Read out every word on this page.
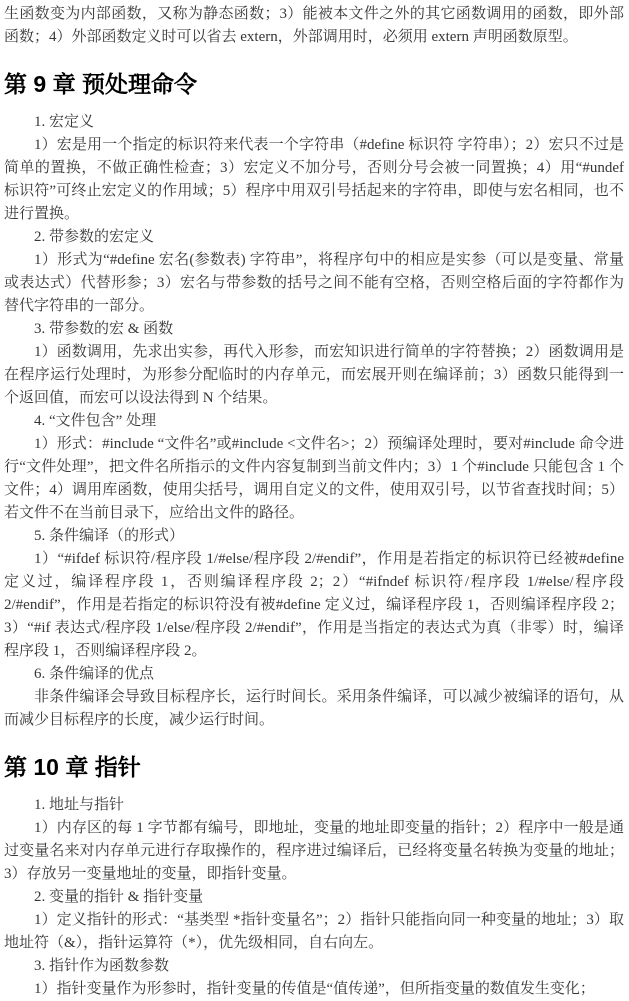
生函数变为内部函数，又称为静态函数；3）能被本文件之外的其它函数调用的函数，即外部函数；4）外部函数定义时可以省去 extern，外部调用时，必须用 extern 声明函数原型。

第 9 章 预处理命令

1. 宏定义

1）宏是用一个指定的标识符来代表一个字符串（#define 标识符 字符串）；2）宏只不过是简单的置换，不做正确性检查；3）宏定义不加分号，否则分号会被一同置换；4）用“#undef 标识符”可终止宏定义的作用域；5）程序中用双引号括起来的字符串，即使与宏名相同，也不进行置换。

2. 带参数的宏定义

1）形式为“#define 宏名(参数表) 字符串”，将程序句中的相应是实参（可以是变量、常量或表达式）代替形参；3）宏名与带参数的括号之间不能有空格，否则空格后面的字符都作为替代字符串的一部分。

3. 带参数的宏 & 函数

1）函数调用，先求出实参，再代入形参，而宏知识进行简单的字符替换；2）函数调用是在程序运行处理时，为形参分配临时的内存单元，而宏展开则在编译前；3）函数只能得到一个返回值，而宏可以设法得到 N 个结果。

4. “文件包含” 处理

1）形式：#include “文件名”或#include <文件名>；2）预编译处理时，要对#include 命令进行“文件处理”，把文件名所指示的文件内容复制到当前文件内；3）1 个#include 只能包含 1 个文件；4）调用库函数，使用尖括号，调用自定义的文件，使用双引号，以节省查找时间；5）若文件不在当前目录下，应给出文件的路径。

5. 条件编译（的形式）

1）“#ifdef 标识符/程序段 1/#else/程序段 2/#endif”，作用是若指定的标识符已经被#define 定义过，编译程序段 1，否则编译程序段 2；2）“#ifndef 标识符/程序段 1/#else/程序段 2/#endif”，作用是若指定的标识符没有被#define 定义过，编译程序段 1，否则编译程序段 2；3）“#if 表达式/程序段 1/else/程序段 2/#endif”，作用是当指定的表达式为真（非零）时，编译程序段 1，否则编译程序段 2。

6. 条件编译的优点

非条件编译会导致目标程序长，运行时间长。采用条件编译，可以减少被编译的语句，从而减少目标程序的长度，减少运行时间。

第 10 章 指针

1. 地址与指针

1）内存区的每 1 字节都有编号，即地址，变量的地址即变量的指针；2）程序中一般是通过变量名来对内存单元进行存取操作的，程序进过编译后，已经将变量名转换为变量的地址；3）存放另一变量地址的变量，即指针变量。

2. 变量的指针 & 指针变量

1）定义指针的形式：“基类型 *指针变量名”；2）指针只能指向同一种变量的地址；3）取地址符（&），指针运算符（*），优先级相同，自右向左。

3. 指针作为函数参数

1）指针变量作为形参时，指针变量的传值是“值传递”，但所指变量的数值发生变化；
